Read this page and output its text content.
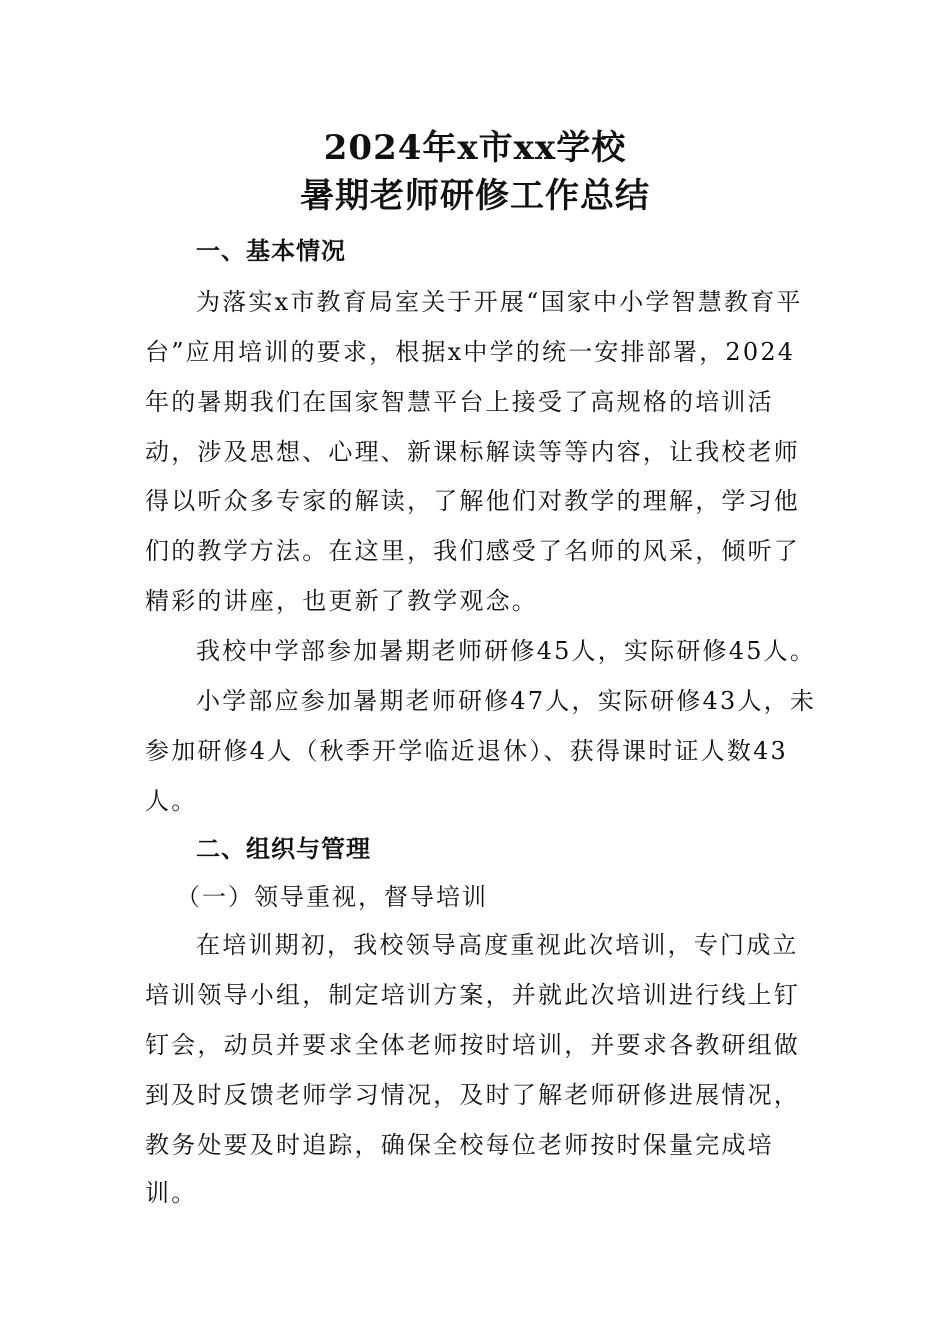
2024年x市xx学校
暑期老师研修工作总结
一、基本情况
为落实x市教育局室关于开展“国家中小学智慧教育平
台”应用培训的要求，根据x中学的统一安排部署，2024
年的暑期我们在国家智慧平台上接受了高规格的培训活
动，涉及思想、心理、新课标解读等等内容，让我校老师
得以听众多专家的解读，了解他们对教学的理解，学习他
们的教学方法。在这里，我们感受了名师的风采，倾听了
精彩的讲座，也更新了教学观念。
我校中学部参加暑期老师研修45人，实际研修45人。
小学部应参加暑期老师研修47人，实际研修43人，未
参加研修4人（秋季开学临近退休）、获得课时证人数43
人。
二、组织与管理
（一）领导重视，督导培训
在培训期初，我校领导高度重视此次培训，专门成立
培训领导小组，制定培训方案，并就此次培训进行线上钉
钉会，动员并要求全体老师按时培训，并要求各教研组做
到及时反馈老师学习情况，及时了解老师研修进展情况，
教务处要及时追踪，确保全校每位老师按时保量完成培
训。
